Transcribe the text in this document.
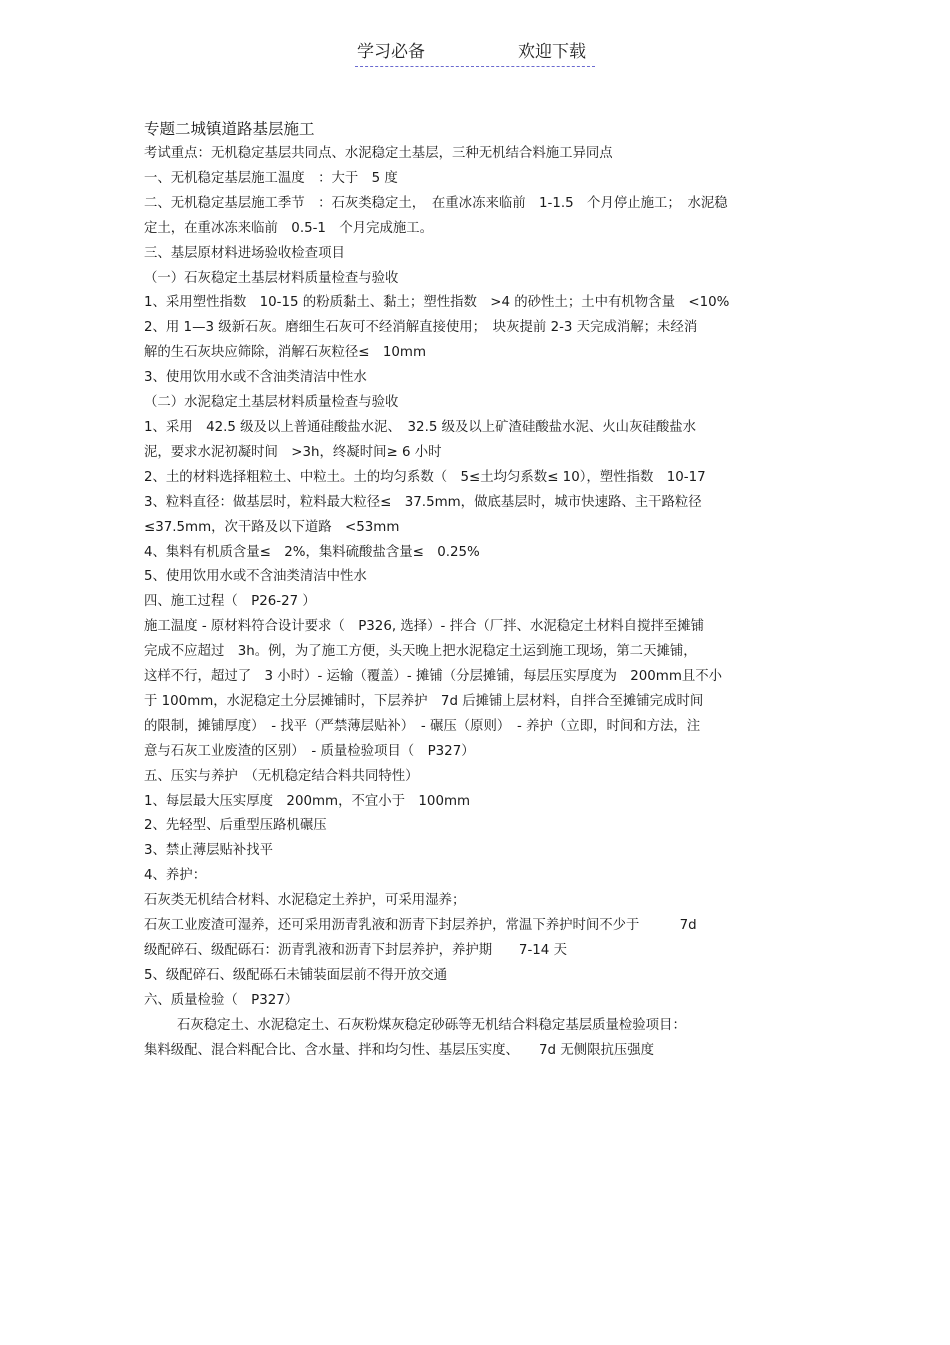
学习必备	欢迎下载
专题二城镇道路基层施工
考试重点：无机稳定基层共同点、水泥稳定土基层，三种无机结合料施工异同点
一、无机稳定基层施工温度　：大于　5 度
二、无机稳定基层施工季节　：石灰类稳定土，　在重冰冻来临前　1-1.5　个月停止施工；　水泥稳
定土，在重冰冻来临前　0.5-1　个月完成施工。
三、基层原材料进场验收检查项目
（一）石灰稳定土基层材料质量检查与验收
1、采用塑性指数　10-15 的粉质黏土、黏土；塑性指数　>4 的砂性土；土中有机物含量　<10%
2、用 1—3 级新石灰。磨细生石灰可不经消解直接使用；　块灰提前 2-3 天完成消解；未经消
解的生石灰块应筛除，消解石灰粒径≤　10mm
3、使用饮用水或不含油类清洁中性水
（二）水泥稳定土基层材料质量检查与验收
1、采用　42.5 级及以上普通硅酸盐水泥、　32.5 级及以上矿渣硅酸盐水泥、火山灰硅酸盐水
泥，要求水泥初凝时间　>3h，终凝时间≥ 6 小时
2、土的材料选择粗粒土、中粒土。土的均匀系数（　5≤土均匀系数≤ 10），塑性指数　10-17
3、粒料直径：做基层时，粒料最大粒径≤　37.5mm，做底基层时，城市快速路、主干路粒径
≤37.5mm，次干路及以下道路　<53mm
4、集料有机质含量≤　2%，集料硫酸盐含量≤　0.25%
5、使用饮用水或不含油类清洁中性水
四、施工过程（　P26-27 ）
施工温度 - 原材料符合设计要求（　P326, 选择）- 拌合（厂拌、水泥稳定土材料自搅拌至摊铺
完成不应超过　3h。例，为了施工方便，头天晚上把水泥稳定土运到施工现场，第二天摊铺，
这样不行，超过了　3 小时）- 运输（覆盖）- 摊铺（分层摊铺，每层压实厚度为　200mm且不小
于 100mm，水泥稳定土分层摊铺时，下层养护　7d 后摊铺上层材料，自拌合至摊铺完成时间
的限制，摊铺厚度）　- 找平（严禁薄层贴补）　- 碾压（原则）　- 养护（立即，时间和方法，注
意与石灰工业废渣的区别）　- 质量检验项目（　P327）
五、压实与养护　（无机稳定结合料共同特性）
1、每层最大压实厚度　200mm，不宜小于　100mm
2、先轻型、后重型压路机碾压
3、禁止薄层贴补找平
4、养护：
石灰类无机结合材料、水泥稳定土养护，可采用湿养；
石灰工业废渣可湿养，还可采用沥青乳液和沥青下封层养护，常温下养护时间不少于　　　7d
级配碎石、级配砾石：沥青乳液和沥青下封层养护，养护期　　7-14 天
5、级配碎石、级配砾石未铺装面层前不得开放交通
六、质量检验（　P327）
石灰稳定土、水泥稳定土、石灰粉煤灰稳定砂砾等无机结合料稳定基层质量检验项目：
集料级配、混合料配合比、含水量、拌和均匀性、基层压实度、　　7d 无侧限抗压强度
